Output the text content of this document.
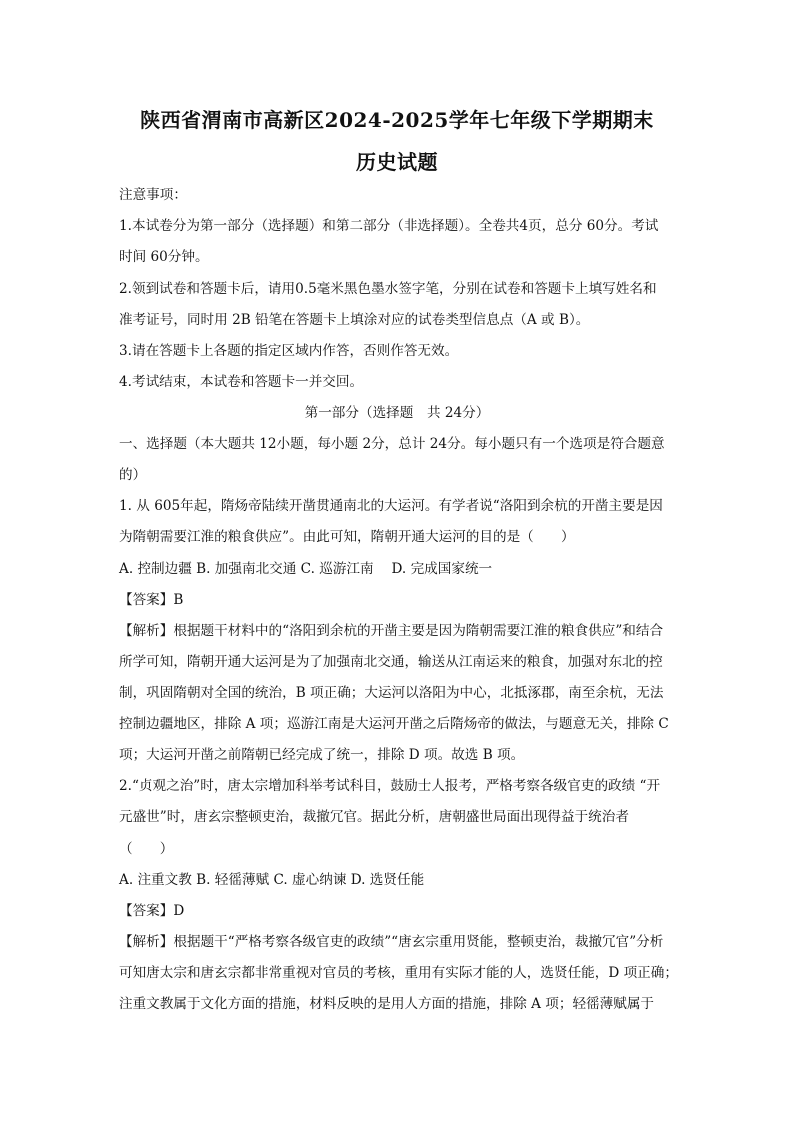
陕西省渭南市高新区2024-2025学年七年级下学期期末
历史试题
注意事项：
1.本试卷分为第一部分（选择题）和第二部分（非选择题）。全卷共4页，总分 60分。考试
时间 60分钟。
2.领到试卷和答题卡后，请用0.5毫米黑色墨水签字笔，分别在试卷和答题卡上填写姓名和
准考证号，同时用 2B 铅笔在答题卡上填涂对应的试卷类型信息点（A 或 B）。
3.请在答题卡上各题的指定区域内作答，否则作答无效。
4.考试结束，本试卷和答题卡一并交回。
第一部分（选择题　共 24分）
一、选择题（本大题共 12小题，每小题 2分，总计 24分。每小题只有一个选项是符合题意
的）
1. 从 605年起，隋炀帝陆续开凿贯通南北的大运河。有学者说“洛阳到余杭的开凿主要是因
为隋朝需要江淮的粮食供应”。由此可知，隋朝开通大运河的目的是（　　）
A. 控制边疆 B. 加强南北交通 C. 巡游江南　 D. 完成国家统一
【答案】B
【解析】根据题干材料中的“洛阳到余杭的开凿主要是因为隋朝需要江淮的粮食供应”和结合
所学可知，隋朝开通大运河是为了加强南北交通，输送从江南运来的粮食，加强对东北的控
制，巩固隋朝对全国的统治，B 项正确；大运河以洛阳为中心，北抵涿郡，南至余杭，无法
控制边疆地区，排除 A 项；巡游江南是大运河开凿之后隋炀帝的做法，与题意无关，排除 C
项；大运河开凿之前隋朝已经完成了统一，排除 D 项。故选 B 项。
2.“贞观之治”时，唐太宗增加科举考试科目，鼓励士人报考，严格考察各级官吏的政绩 “开
元盛世”时，唐玄宗整顿吏治，裁撤冗官。据此分析，唐朝盛世局面出现得益于统治者
（　　）
A. 注重文教 B. 轻徭薄赋 C. 虚心纳谏 D. 选贤任能
【答案】D
【解析】根据题干“严格考察各级官吏的政绩”“唐玄宗重用贤能，整顿吏治，裁撤冗官”分析
可知唐太宗和唐玄宗都非常重视对官员的考核，重用有实际才能的人，选贤任能，D 项正确；
注重文教属于文化方面的措施，材料反映的是用人方面的措施，排除 A 项；轻徭薄赋属于
